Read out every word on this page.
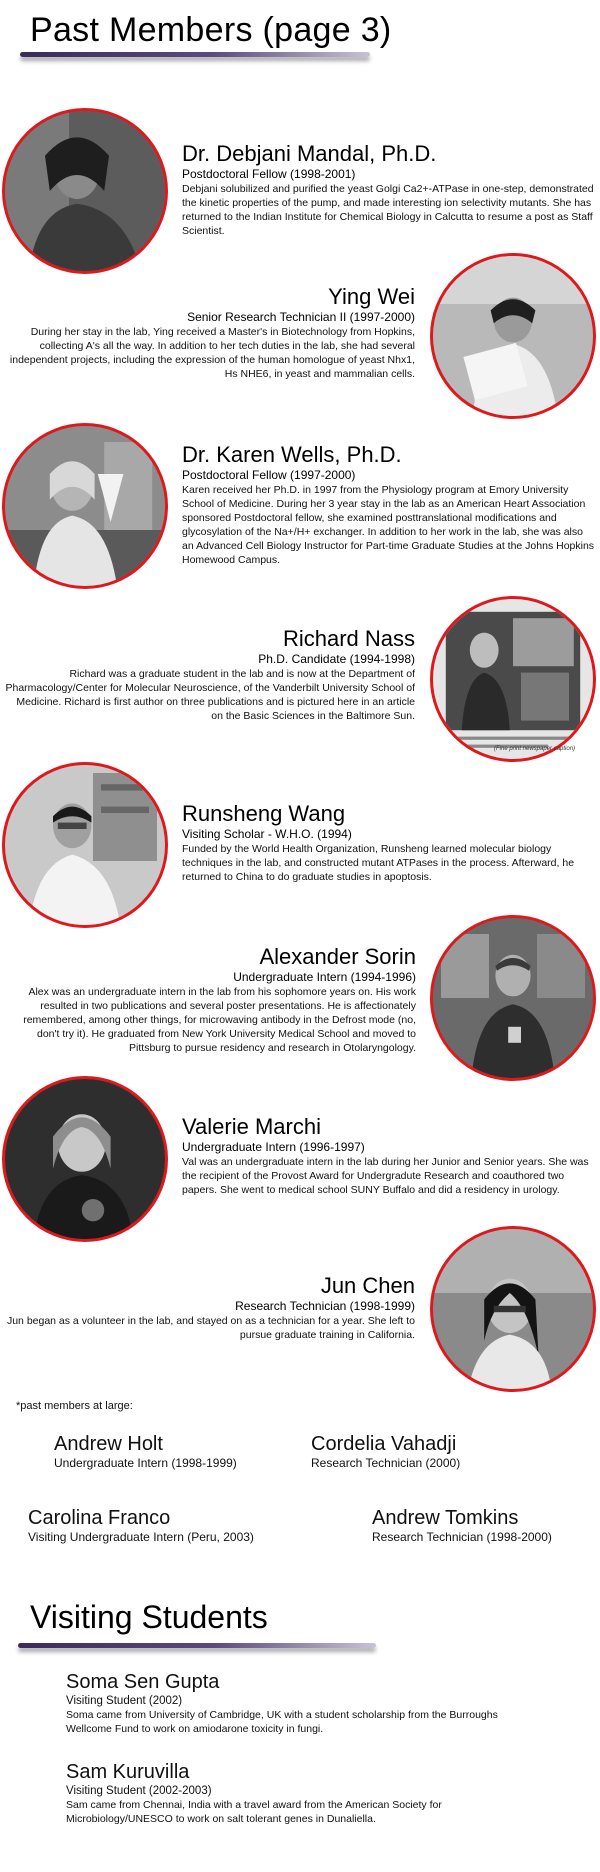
Past Members (page 3)
Dr. Debjani Mandal, Ph.D.
Postdoctoral Fellow (1998-2001)
Debjani solubilized and purified the yeast Golgi Ca2+-ATPase in one-step, demonstrated the kinetic properties of the pump, and made interesting ion selectivity mutants. She has returned to the Indian Institute for Chemical Biology in Calcutta to resume a post as Staff Scientist.
Ying Wei
Senior Research Technician II (1997-2000)
During her stay in the lab, Ying received a Master's in Biotechnology from Hopkins, collecting A's all the way. In addition to her tech duties in the lab, she had several independent projects, including the expression of the human homologue of yeast Nhx1, Hs NHE6, in yeast and mammalian cells.
Dr. Karen Wells, Ph.D.
Postdoctoral Fellow (1997-2000)
Karen received her Ph.D. in 1997 from the Physiology program at Emory University School of Medicine. During her 3 year stay in the lab as an American Heart Association sponsored Postdoctoral fellow, she examined posttranslational modifications and glycosylation of the Na+/H+ exchanger. In addition to her work in the lab, she was also an Advanced Cell Biology Instructor for Part-time Graduate Studies at the Johns Hopkins Homewood Campus.
(Fine print newspaper caption)
Richard Nass
Ph.D. Candidate (1994-1998)
Richard was a graduate student in the lab and is now at the Department of Pharmacology/Center for Molecular Neuroscience, of the Vanderbilt University School of Medicine. Richard is first author on three publications and is pictured here in an article on the Basic Sciences in the Baltimore Sun.
Runsheng Wang
Visiting Scholar - W.H.O. (1994)
Funded by the World Health Organization, Runsheng learned molecular biology techniques in the lab, and constructed mutant ATPases in the process. Afterward, he returned to China to do graduate studies in apoptosis.
Alexander Sorin
Undergraduate Intern (1994-1996)
Alex was an undergraduate intern in the lab from his sophomore years on. His work resulted in two publications and several poster presentations. He is affectionately remembered, among other things, for microwaving antibody in the Defrost mode (no, don't try it). He graduated from New York University Medical School and moved to Pittsburg to pursue residency and research in Otolaryngology.
Valerie Marchi
Undergraduate Intern (1996-1997)
Val was an undergraduate intern in the lab during her Junior and Senior years. She was the recipient of the Provost Award for Undergradute Research and coauthored two papers. She went to medical school SUNY Buffalo and did a residency in urology.
Jun Chen
Research Technician (1998-1999)
Jun began as a volunteer in the lab, and stayed on as a technician for a year. She left to pursue graduate training in California.
*past members at large:
Andrew Holt
Undergraduate Intern (1998-1999)
Cordelia Vahadji
Research Technician (2000)
Carolina Franco
Visiting Undergraduate Intern (Peru, 2003)
Andrew Tomkins
Research Technician (1998-2000)
Visiting Students
Soma Sen Gupta
Visiting Student (2002)
Soma came from University of Cambridge, UK with a student scholarship from the Burroughs Wellcome Fund to work on amiodarone toxicity in fungi.
Sam Kuruvilla
Visiting Student (2002-2003)
Sam came from Chennai, India with a travel award from the American Society for Microbiology/UNESCO to work on salt tolerant genes in Dunaliella.
